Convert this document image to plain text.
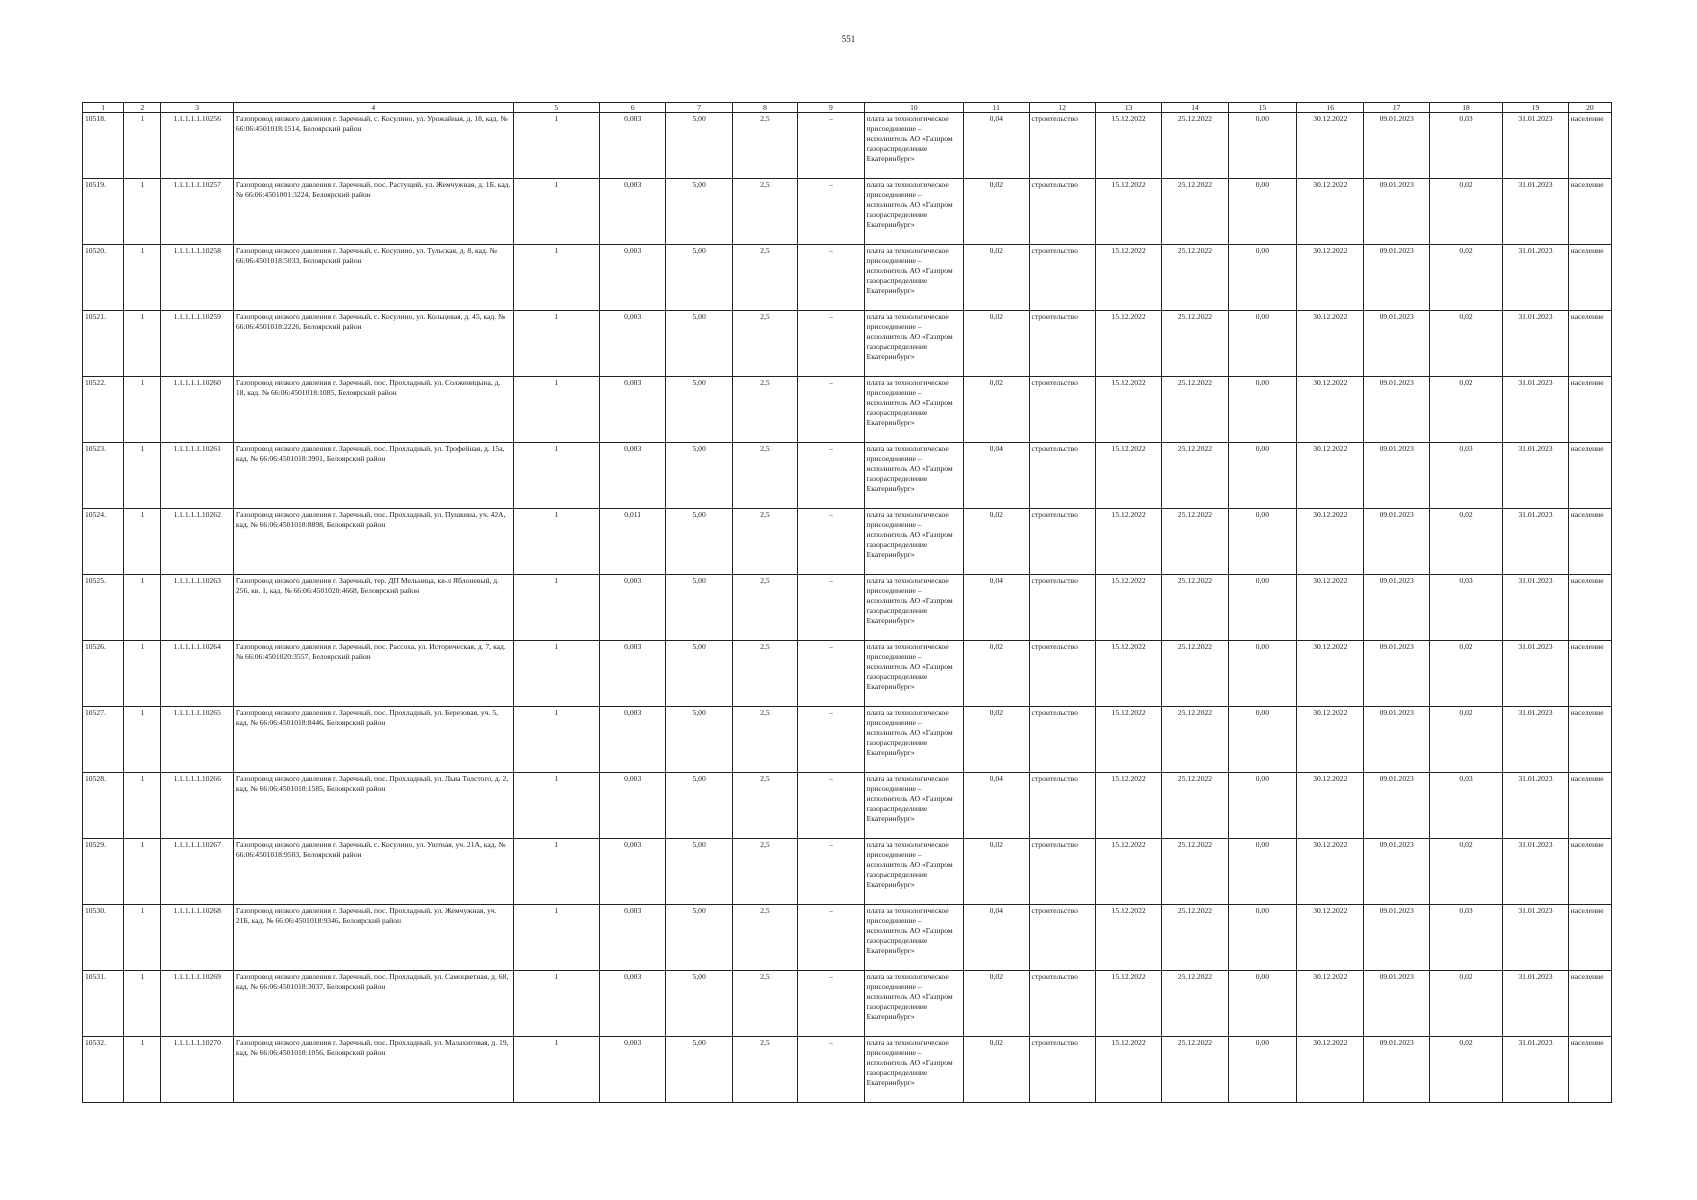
551
1	2	3	4	5	6	7	8	9	10	11	12	13	14	15	16	17	18	19	20
10518.	1	1.1.1.1.1.10256	Газопровод низкого давления г. Заречный, с. Косулино, ул. Урожайная, д. 18, кад. № 66:06:4501018:1514, Белоярский район	1	0,003	5,00	2,5	–	плата за технологическое присоединение – исполнитель АО «Газпром газораспределение Екатеринбург»	0,04	строительство	15.12.2022	25.12.2022	0,00	30.12.2022	09.01.2023	0,03	31.01.2023	население
10519.	1	1.1.1.1.1.10257	Газопровод низкого давления г. Заречный, пос. Растущий, ул. Жемчужная, д. 1Б, кад. № 66:06:4501001:3224, Белоярский район	1	0,003	5,00	2,5	–	плата за технологическое присоединение – исполнитель АО «Газпром газораспределение Екатеринбург»	0,02	строительство	15.12.2022	25.12.2022	0,00	30.12.2022	09.01.2023	0,02	31.01.2023	население
10520.	1	1.1.1.1.1.10258	Газопровод низкого давления г. Заречный, с. Косулино, ул. Тульская, д. 8, кад. № 66:06:4501018:5033, Белоярский район	1	0,003	5,00	2,5	–	плата за технологическое присоединение – исполнитель АО «Газпром газораспределение Екатеринбург»	0,02	строительство	15.12.2022	25.12.2022	0,00	30.12.2022	09.01.2023	0,02	31.01.2023	население
10521.	1	1.1.1.1.1.10259	Газопровод низкого давления г. Заречный, с. Косулино, ул. Кольцевая, д. 45, кад. № 66:06:4501018:2226, Белоярский район	1	0,003	5,00	2,5	–	плата за технологическое присоединение – исполнитель АО «Газпром газораспределение Екатеринбург»	0,02	строительство	15.12.2022	25.12.2022	0,00	30.12.2022	09.01.2023	0,02	31.01.2023	население
10522.	1	1.1.1.1.1.10260	Газопровод низкого давления г. Заречный, пос. Прохладный, ул. Солженицына, д. 18, кад. № 66:06:4501018:1085, Белоярский район	1	0,003	5,00	2,5	–	плата за технологическое присоединение – исполнитель АО «Газпром газораспределение Екатеринбург»	0,02	строительство	15.12.2022	25.12.2022	0,00	30.12.2022	09.01.2023	0,02	31.01.2023	население
10523.	1	1.1.1.1.1.10261	Газопровод низкого давления г. Заречный, пос. Прохладный, ул. Трофейная, д. 15а, кад. № 66:06:4501018:3901, Белоярский район	1	0,003	5,00	2,5	–	плата за технологическое присоединение – исполнитель АО «Газпром газораспределение Екатеринбург»	0,04	строительство	15.12.2022	25.12.2022	0,00	30.12.2022	09.01.2023	0,03	31.01.2023	население
10524.	1	1.1.1.1.1.10262	Газопровод низкого давления г. Заречный, пос. Прохладный, ул. Пушкина, уч. 42А, кад. № 66:06:4501018:8898, Белоярский район	1	0,011	5,00	2,5	–	плата за технологическое присоединение – исполнитель АО «Газпром газораспределение Екатеринбург»	0,02	строительство	15.12.2022	25.12.2022	0,00	30.12.2022	09.01.2023	0,02	31.01.2023	население
10525.	1	1.1.1.1.1.10263	Газопровод низкого давления г. Заречный, тер. ДП Мельница, кв-л Яблоневый, д. 256, кв. 1, кад. № 66:06:4501020:4668, Белоярский район	1	0,003	5,00	2,5	–	плата за технологическое присоединение – исполнитель АО «Газпром газораспределение Екатеринбург»	0,04	строительство	15.12.2022	25.12.2022	0,00	30.12.2022	09.01.2023	0,03	31.01.2023	население
10526.	1	1.1.1.1.1.10264	Газопровод низкого давления г. Заречный, пос. Рассоха, ул. Историческая, д. 7, кад. № 66:06:4501020:3557, Белоярский район	1	0,003	5,00	2,5	–	плата за технологическое присоединение – исполнитель АО «Газпром газораспределение Екатеринбург»	0,02	строительство	15.12.2022	25.12.2022	0,00	30.12.2022	09.01.2023	0,02	31.01.2023	население
10527.	1	1.1.1.1.1.10265	Газопровод низкого давления г. Заречный, пос. Прохладный, ул. Березовая, уч. 5, кад. № 66:06:4501018:8446, Белоярский район	1	0,003	5,00	2,5	–	плата за технологическое присоединение – исполнитель АО «Газпром газораспределение Екатеринбург»	0,02	строительство	15.12.2022	25.12.2022	0,00	30.12.2022	09.01.2023	0,02	31.01.2023	население
10528.	1	1.1.1.1.1.10266	Газопровод низкого давления г. Заречный, пос. Прохладный, ул. Льва Толстого, д. 2, кад. № 66:06:4501018:1585, Белоярский район	1	0,003	5,00	2,5	–	плата за технологическое присоединение – исполнитель АО «Газпром газораспределение Екатеринбург»	0,04	строительство	15.12.2022	25.12.2022	0,00	30.12.2022	09.01.2023	0,03	31.01.2023	население
10529.	1	1.1.1.1.1.10267	Газопровод низкого давления г. Заречный, с. Косулино, ул. Уютная, уч. 21А, кад. № 66:06:4501018:9503, Белоярский район	1	0,003	5,00	2,5	–	плата за технологическое присоединение – исполнитель АО «Газпром газораспределение Екатеринбург»	0,02	строительство	15.12.2022	25.12.2022	0,00	30.12.2022	09.01.2023	0,02	31.01.2023	население
10530.	1	1.1.1.1.1.10268	Газопровод низкого давления г. Заречный, пос. Прохладный, ул. Жемчужная, уч. 21Б, кад. № 66:06:4501018:9346, Белоярский район	1	0,003	5,00	2,5	–	плата за технологическое присоединение – исполнитель АО «Газпром газораспределение Екатеринбург»	0,04	строительство	15.12.2022	25.12.2022	0,00	30.12.2022	09.01.2023	0,03	31.01.2023	население
10531.	1	1.1.1.1.1.10269	Газопровод низкого давления г. Заречный, пос. Прохладный, ул. Самоцветная, д. 68, кад. № 66:06:4501018:3037, Белоярский район	1	0,003	5,00	2,5	–	плата за технологическое присоединение – исполнитель АО «Газпром газораспределение Екатеринбург»	0,02	строительство	15.12.2022	25.12.2022	0,00	30.12.2022	09.01.2023	0,02	31.01.2023	население
10532.	1	1.1.1.1.1.10270	Газопровод низкого давления г. Заречный, пос. Прохладный, ул. Малахитовая, д. 19, кад. № 66:06:4501018:1056, Белоярский район	1	0,003	5,00	2,5	–	плата за технологическое присоединение – исполнитель АО «Газпром газораспределение Екатеринбург»	0,02	строительство	15.12.2022	25.12.2022	0,00	30.12.2022	09.01.2023	0,02	31.01.2023	население
